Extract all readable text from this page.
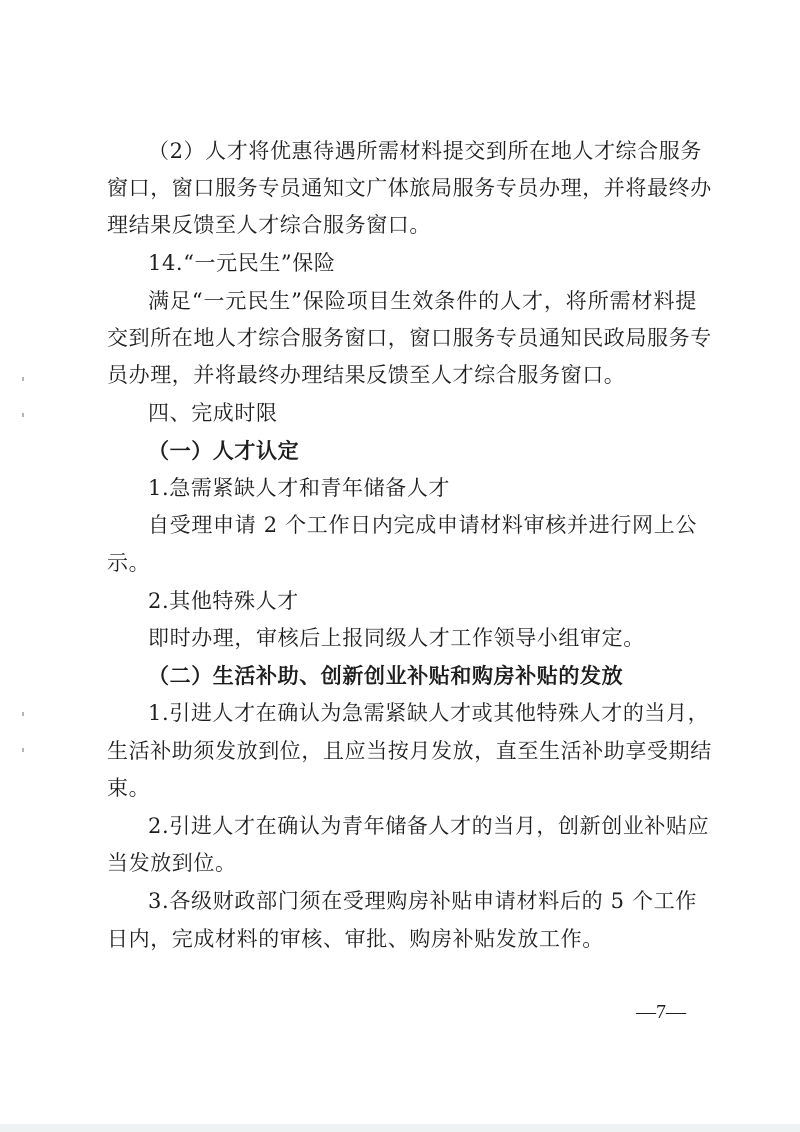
（2）人才将优惠待遇所需材料提交到所在地人才综合服务
窗口，窗口服务专员通知文广体旅局服务专员办理，并将最终办
理结果反馈至人才综合服务窗口。
14.“一元民生”保险
满足“一元民生”保险项目生效条件的人才，将所需材料提
交到所在地人才综合服务窗口，窗口服务专员通知民政局服务专
员办理，并将最终办理结果反馈至人才综合服务窗口。
四、完成时限
（一）人才认定
1.急需紧缺人才和青年储备人才
自受理申请 2 个工作日内完成申请材料审核并进行网上公
示。
2.其他特殊人才
即时办理，审核后上报同级人才工作领导小组审定。
（二）生活补助、创新创业补贴和购房补贴的发放
1.引进人才在确认为急需紧缺人才或其他特殊人才的当月，
生活补助须发放到位，且应当按月发放，直至生活补助享受期结
束。
2.引进人才在确认为青年储备人才的当月，创新创业补贴应
当发放到位。
3.各级财政部门须在受理购房补贴申请材料后的 5 个工作
日内，完成材料的审核、审批、购房补贴发放工作。
—7—
